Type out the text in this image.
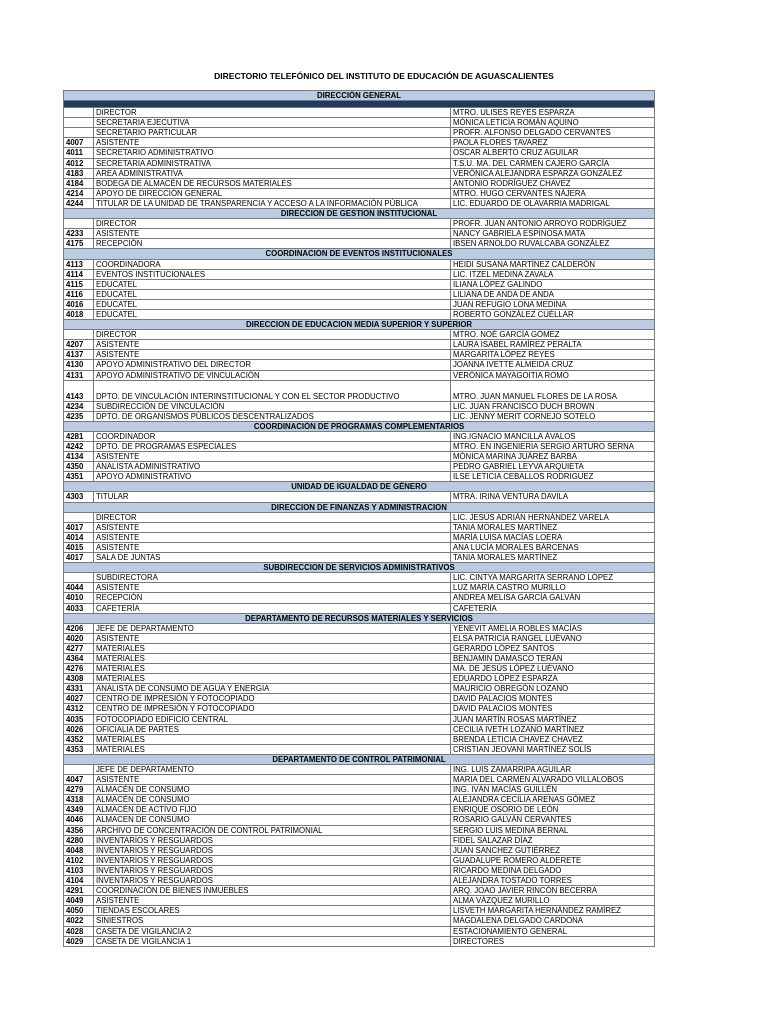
DIRECTORIO TELEFÓNICO DEL INSTITUTO DE EDUCACIÓN DE AGUASCALIENTES
DIRECCIÓN GENERAL		

	DIRECTOR	MTRO. ULISES REYES ESPARZA
	SECRETARIA EJECUTIVA	MÓNICA LETICIA ROMÁN AQUINO
	SECRETARIO PARTICULAR	PROFR. ALFONSO DELGADO CERVANTES
4007	ASISTENTE	PAOLA FLORES TAVAREZ
4011	SECRETARIO ADMINISTRATIVO	OSCAR ALBERTO CRUZ AGUILAR
4012	SECRETARIA ADMINISTRATIVA	T.S.U. MA. DEL CARMEN CAJERO GARCÍA
4183	AREA ADMINISTRATIVA	VERÓNICA ALEJANDRA ESPARZA GONZÁLEZ
4184	BODEGA DE ALMACÉN DE RECURSOS MATERIALES	ANTONIO RODRÍGUEZ CHAVEZ
4214	APOYO DE DIRECCIÓN GENERAL	MTRO. HUGO CERVANTES NÁJERA
4244	TITULAR DE LA UNIDAD DE TRANSPARENCIA Y ACCESO A LA INFORMACIÓN PÚBLICA	LIC. EDUARDO DE OLAVARRIA MADRIGAL
DIRECCION DE GESTION INSTITUCIONAL		
	DIRECTOR	PROFR. JUAN ANTONIO ARROYO RODRÍGUEZ
4233	ASISTENTE	NANCY GABRIELA ESPINOSA MATA
4175	RECEPCIÓN	IBSEN ARNOLDO RUVALCABA GONZÁLEZ
COORDINACION DE EVENTOS INSTITUCIONALES		
4113	COORDINADORA	HEIDI SUSANA MARTÍNEZ CALDERÓN
4114	EVENTOS INSTITUCIONALES	LIC. ITZEL MEDINA ZAVALA
4115	EDUCATEL	ILIANA LÓPEZ GALINDO
4116	EDUCATEL	LILIANA DE ANDA DE ANDA
4016	EDUCATEL	JUAN REFUGIO LONA MEDINA
4018	EDUCATEL	ROBERTO GONZÁLEZ CUÉLLAR
DIRECCION DE EDUCACION MEDIA SUPERIOR Y SUPERIOR		
	DIRECTOR	MTRO. NOÉ GARCÍA GÓMEZ
4207	ASISTENTE	LAURA ISABEL RAMÍREZ PERALTA
4137	ASISTENTE	MARGARITA LÓPEZ REYES
4130	APOYO ADMINISTRATIVO DEL DIRECTOR	JOANNA IVETTE ALMEIDA CRUZ
4131	APOYO ADMINISTRATIVO DE VINCULACIÓN	VERÓNICA MAYAGOITIA ROMO
4143	DPTO. DE VINCULACIÓN INTERINSTITUCIONAL Y CON EL SECTOR PRODUCTIVO	MTRO. JUAN MANUEL FLORES DE LA ROSA
4234	SUBDIRECCIÓN DE VINCULACIÓN	LIC. JUAN FRANCISCO DUCH BROWN
4235	DPTO. DE ORGANISMOS PÚBLICOS DESCENTRALIZADOS	LIC. JENNY MERIT CORNEJO SOTELO
COORDINACIÓN DE PROGRAMAS COMPLEMENTARIOS		
4281	COORDINADOR	ING.IGNACIO MANCILLA ÁVALOS
4242	DPTO. DE PROGRAMAS ESPECIALES	MTRO. EN INGENIERIA SERGIO ARTURO SERNA
4134	ASISTENTE	MÓNICA MARINA JUÁREZ BARBA
4350	ANALISTA ADMINISTRATIVO	PEDRO GABRIEL LEYVA ARQUIETA
4351	APOYO ADMINISTRATIVO	ILSE LETICIA CEBALLOS RODRIGUEZ
UNIDAD DE IGUALDAD DE GÉNERO		
4303	TITULAR	MTRA. IRINA VENTURA DAVILA
DIRECCION DE FINANZAS Y ADMINISTRACION		
	DIRECTOR	LIC. JESÚS ADRIÁN HERNÁNDEZ VARELA
4017	ASISTENTE	TANIA MORALES MARTÍNEZ
4014	ASISTENTE	MARÍA LUISA MACÍAS LOERA
4015	ASISTENTE	ANA LUCÍA MORALES BÁRCENAS
4017	SALA DE JUNTAS	TANIA MORALES MARTÍNEZ
SUBDIRECCION DE SERVICIOS ADMINISTRATIVOS		
	SUBDIRECTORA	LIC. CINTYA MARGARITA SERRANO LÓPEZ
4044	ASISTENTE	LUZ MARÍA CASTRO MURILLO
4010	RECEPCIÓN	ANDREA MELISA GARCÍA GALVÁN
4033	CAFETERÍA	CAFETERÍA
DEPARTAMENTO DE RECURSOS MATERIALES Y SERVICIOS		
4206	JEFE DE DEPARTAMENTO	YENEVIT AMELIA ROBLES MACÍAS
4020	ASISTENTE	ELSA PATRICIA RANGEL LUÉVANO
4277	MATERIALES	GERARDO LÓPEZ SANTOS
4364	MATERIALES	BENJAMIN DAMASCO TERÁN
4276	MATERIALES	MA. DE JESÚS LÓPEZ LUÉVANO
4308	MATERIALES	EDUARDO LÓPEZ ESPARZA
4331	ANALISTA DE CONSUMO DE AGUA Y ENERGIA	MAURICIO OBREGÓN LOZANO
4027	CENTRO DE IMPRESIÓN Y FOTOCOPIADO	DAVID PALACIOS MONTES
4312	CENTRO DE IMPRESIÓN Y FOTOCOPIADO	DAVID PALACIOS MONTES
4035	FOTOCOPIADO EDIFICIO CENTRAL	JUAN MARTÍN ROSAS MARTÍNEZ
4026	OFICIALIA DE PARTES	CECILIA IVETH LOZANO MARTÍNEZ
4352	MATERIALES	BRENDA LETICIA CHAVEZ CHAVEZ
4353	MATERIALES	CRISTIAN JEOVANI MARTÍNEZ SOLÍS
DEPARTAMENTO DE CONTROL PATRIMONIAL		
	JEFE DE DEPARTAMENTO	ING. LUIS ZAMARRIPA AGUILAR
4047	ASISTENTE	MARIA DEL CARMEN ALVARADO VILLALOBOS
4279	ALMACÉN DE CONSUMO	ING. IVÁN MACÍAS GUILLÉN
4318	ALMACÉN DE CONSUMO	ALEJANDRA CECILIA ARENAS GÓMEZ
4349	ALMACÉN DE ACTIVO FIJO	ENRIQUE OSORIO DE LEÓN
4046	ALMACEN DE CONSUMO	ROSARIO GALVÁN CERVANTES
4356	ARCHIVO DE CONCENTRACIÓN DE CONTROL PATRIMONIAL	SERGIO LUIS MEDINA BERNAL
4280	INVENTARIOS Y RESGUARDOS	FIDEL SALAZAR DÍAZ
4048	INVENTARIOS Y RESGUARDOS	JUAN SANCHEZ GUTIÉRREZ
4102	INVENTARIOS Y RESGUARDOS	GUADALUPE ROMERO ALDERETE
4103	INVENTARIOS Y RESGUARDOS	RICARDO MEDINA DELGADO
4104	INVENTARIOS Y RESGUARDOS	ALEJANDRA TOSTADO TORRES
4291	COORDINACIÓN DE BIENES INMUEBLES	ARQ. JOAO JAVIER RINCÓN BECERRA
4049	ASISTENTE	ALMA VÁZQUEZ MURILLO
4050	TIENDAS ESCOLARES	LISVETH MARGARITA HERNÁNDEZ RAMÍREZ
4022	SINIESTROS	MAGDALENA DELGADO CARDONA
4028	CASETA DE VIGILANCIA 2	ESTACIONAMIENTO GENERAL
4029	CASETA DE VIGILANCIA 1	DIRECTORES
